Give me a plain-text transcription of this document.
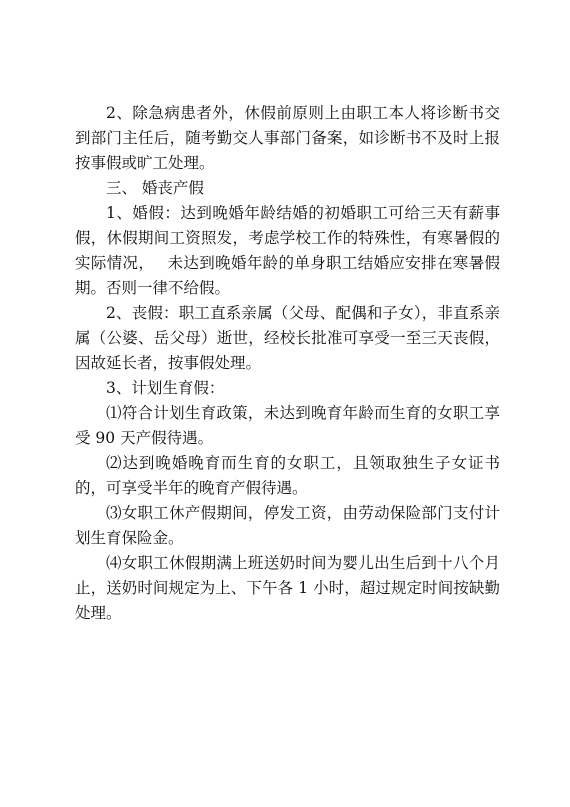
2、除急病患者外，休假前原则上由职工本人将诊断书交到部门主任后，随考勤交人事部门备案，如诊断书不及时上报按事假或旷工处理。

三、 婚丧产假

1、婚假：达到晚婚年龄结婚的初婚职工可给三天有薪事假，休假期间工资照发，考虑学校工作的特殊性，有寒暑假的实际情况，　 未达到晚婚年龄的单身职工结婚应安排在寒暑假期。否则一律不给假。

2、丧假：职工直系亲属（父母、配偶和子女），非直系亲属（公婆、岳父母）逝世，经校长批准可享受一至三天丧假，因故延长者，按事假处理。

3、计划生育假：

⑴符合计划生育政策，未达到晚育年龄而生育的女职工享受 90 天产假待遇。

⑵达到晚婚晚育而生育的女职工，且领取独生子女证书的，可享受半年的晚育产假待遇。

⑶女职工休产假期间，停发工资，由劳动保险部门支付计划生育保险金。

⑷女职工休假期满上班送奶时间为婴儿出生后到十八个月止，送奶时间规定为上、下午各 1 小时，超过规定时间按缺勤处理。
